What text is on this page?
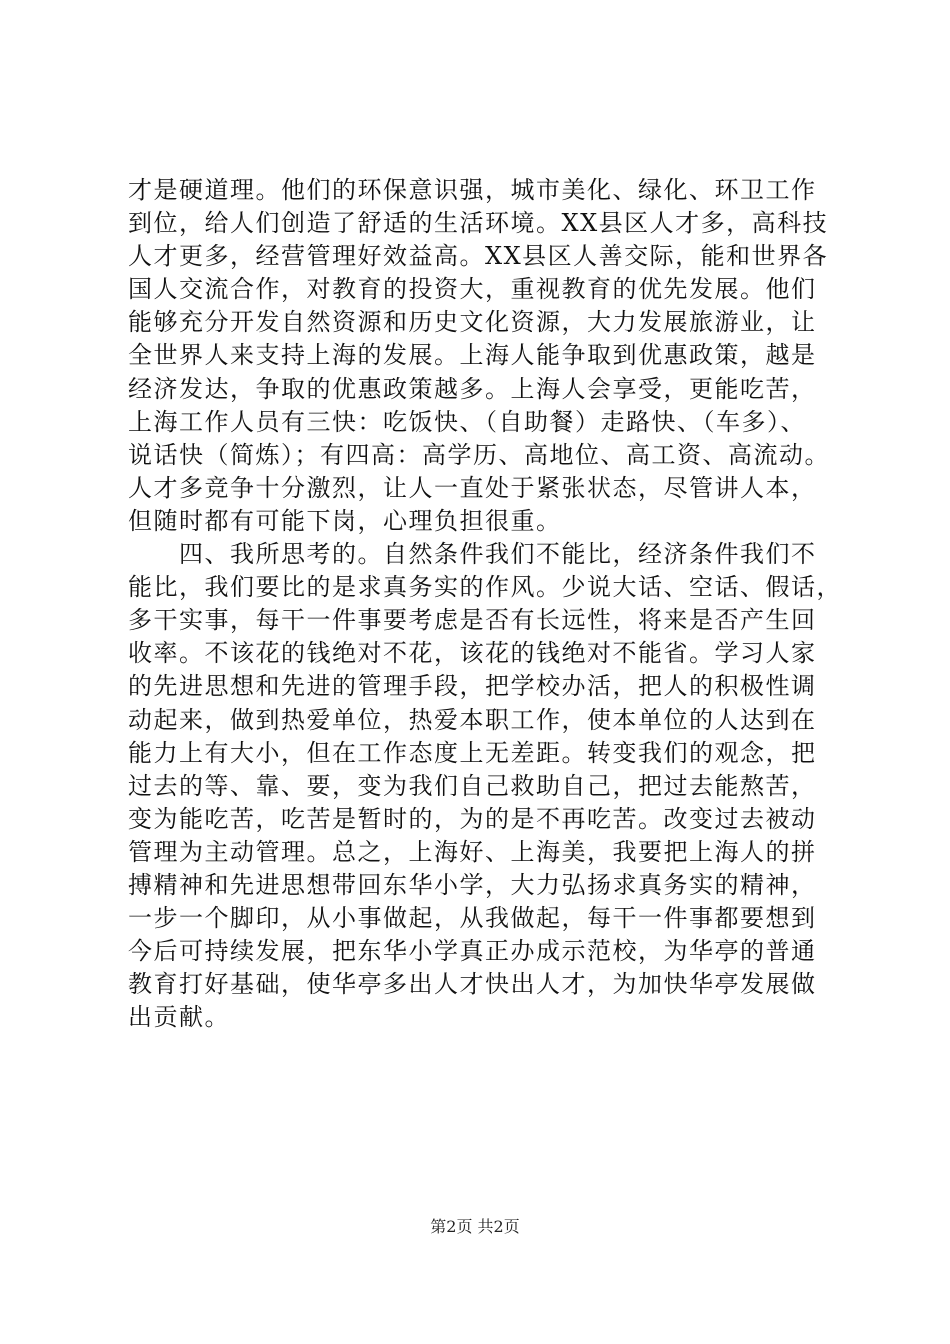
才是硬道理。他们的环保意识强，城市美化、绿化、环卫工作
到位，给人们创造了舒适的生活环境。XX县区人才多，高科技
人才更多，经营管理好效益高。XX县区人善交际，能和世界各
国人交流合作，对教育的投资大，重视教育的优先发展。他们
能够充分开发自然资源和历史文化资源，大力发展旅游业，让
全世界人来支持上海的发展。上海人能争取到优惠政策，越是
经济发达，争取的优惠政策越多。上海人会享受，更能吃苦，
上海工作人员有三快：吃饭快、（自助餐）走路快、（车多）、
说话快（简炼）；有四高：高学历、高地位、高工资、高流动。
人才多竞争十分激烈，让人一直处于紧张状态，尽管讲人本，
但随时都有可能下岗，心理负担很重。
　　四、我所思考的。自然条件我们不能比，经济条件我们不
能比，我们要比的是求真务实的作风。少说大话、空话、假话，
多干实事，每干一件事要考虑是否有长远性，将来是否产生回
收率。不该花的钱绝对不花，该花的钱绝对不能省。学习人家
的先进思想和先进的管理手段，把学校办活，把人的积极性调
动起来，做到热爱单位，热爱本职工作，使本单位的人达到在
能力上有大小，但在工作态度上无差距。转变我们的观念，把
过去的等、靠、要，变为我们自己救助自己，把过去能熬苦，
变为能吃苦，吃苦是暂时的，为的是不再吃苦。改变过去被动
管理为主动管理。总之，上海好、上海美，我要把上海人的拼
搏精神和先进思想带回东华小学，大力弘扬求真务实的精神，
一步一个脚印，从小事做起，从我做起，每干一件事都要想到
今后可持续发展，把东华小学真正办成示范校，为华亭的普通
教育打好基础，使华亭多出人才快出人才，为加快华亭发展做
出贡献。
第2页 共2页
